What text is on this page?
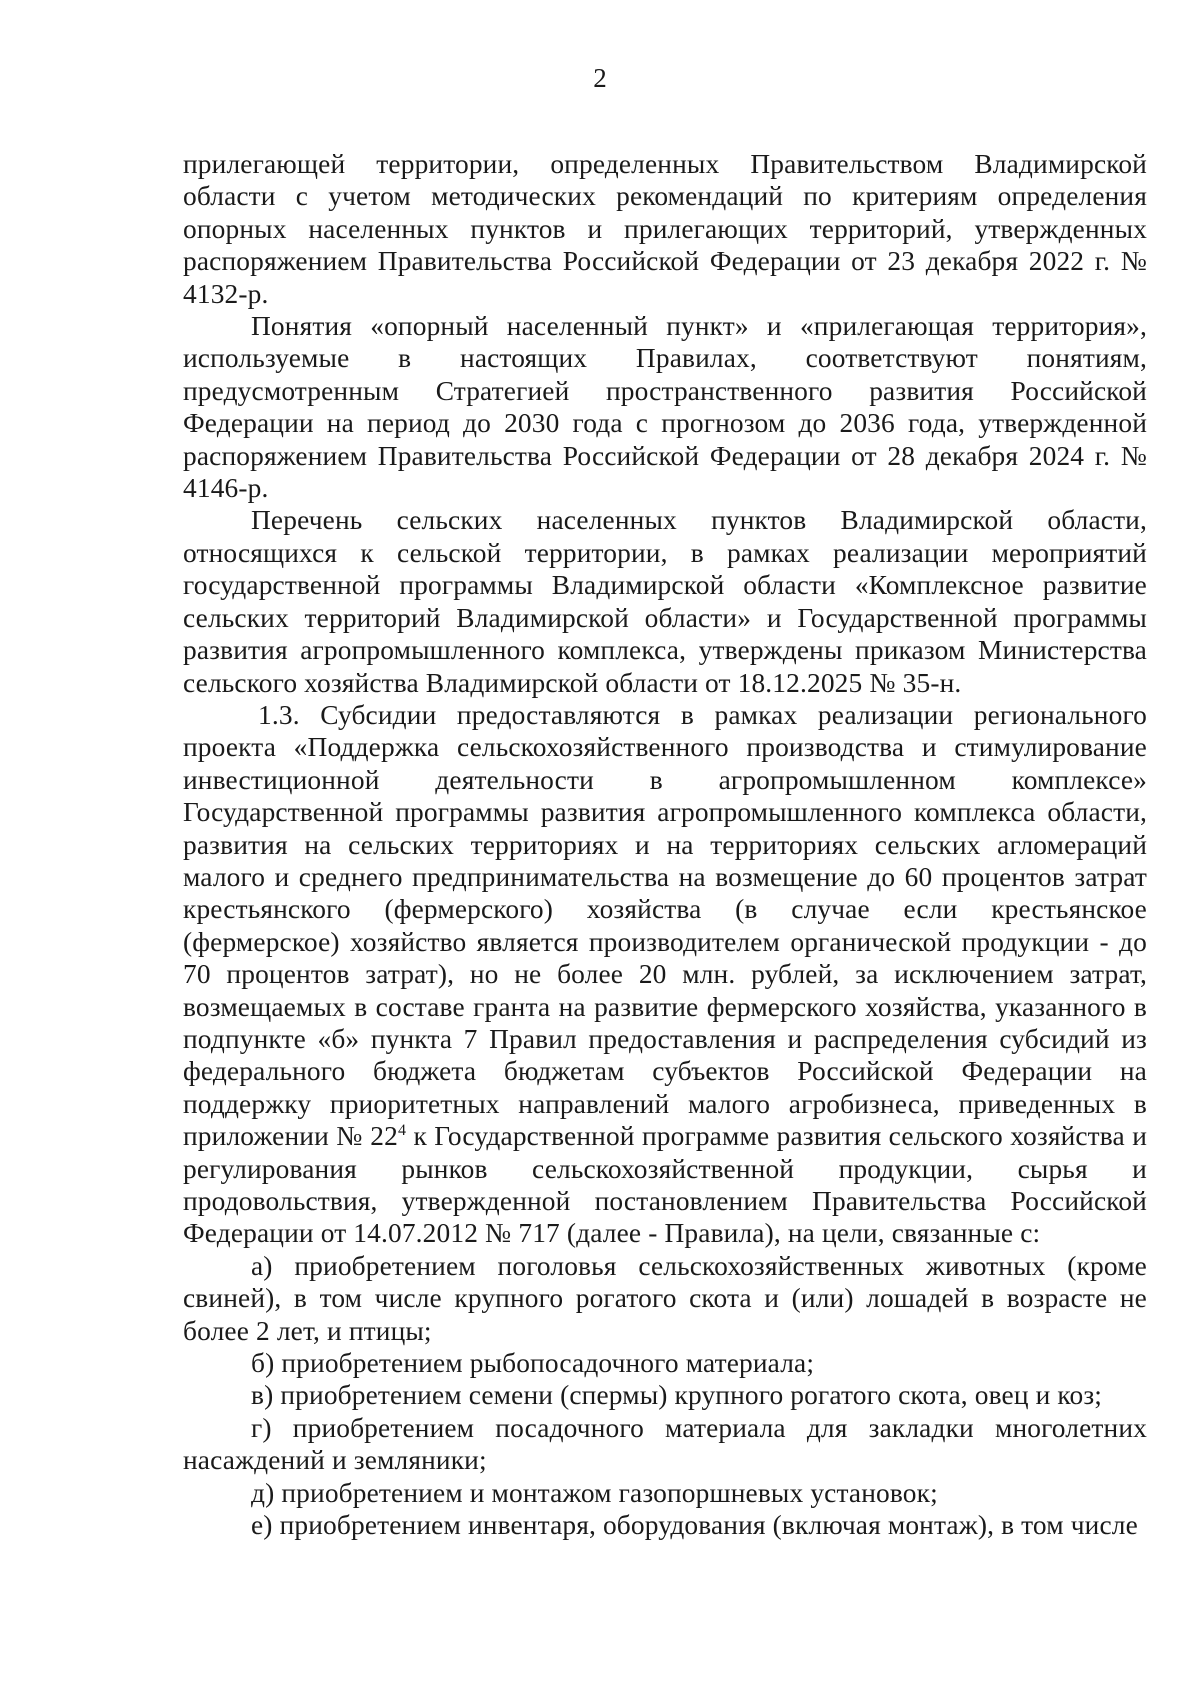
2

прилегающей территории, определенных Правительством Владимирской области с учетом методических рекомендаций по критериям определения опорных населенных пунктов и прилегающих территорий, утвержденных распоряжением Правительства Российской Федерации от 23 декабря 2022 г. № 4132-р.

Понятия «опорный населенный пункт» и «прилегающая территория», используемые в настоящих Правилах, соответствуют понятиям, предусмотренным Стратегией пространственного развития Российской Федерации на период до 2030 года с прогнозом до 2036 года, утвержденной распоряжением Правительства Российской Федерации от 28 декабря 2024 г. № 4146-р.

Перечень сельских населенных пунктов Владимирской области, относящихся к сельской территории, в рамках реализации мероприятий государственной программы Владимирской области «Комплексное развитие сельских территорий Владимирской области» и Государственной программы развития агропромышленного комплекса, утверждены приказом Министерства сельского хозяйства Владимирской области от 18.12.2025 № 35-н.

1.3. Субсидии предоставляются в рамках реализации регионального проекта «Поддержка сельскохозяйственного производства и стимулирование инвестиционной деятельности в агропромышленном комплексе» Государственной программы развития агропромышленного комплекса области, развития на сельских территориях и на территориях сельских агломераций малого и среднего предпринимательства на возмещение до 60 процентов затрат крестьянского (фермерского) хозяйства (в случае если крестьянское (фермерское) хозяйство является производителем органической продукции - до 70 процентов затрат), но не более 20 млн. рублей, за исключением затрат, возмещаемых в составе гранта на развитие фермерского хозяйства, указанного в подпункте «б» пункта 7 Правил предоставления и распределения субсидий из федерального бюджета бюджетам субъектов Российской Федерации на поддержку приоритетных направлений малого агробизнеса, приведенных в приложении № $22^4$ к Государственной программе развития сельского хозяйства и регулирования рынков сельскохозяйственной продукции, сырья и продовольствия, утвержденной постановлением Правительства Российской Федерации от 14.07.2012 № 717 (далее - Правила), на цели, связанные с:

а) приобретением поголовья сельскохозяйственных животных (кроме свиней), в том числе крупного рогатого скота и (или) лошадей в возрасте не более 2 лет, и птицы;

б) приобретением рыбопосадочного материала;

в) приобретением семени (спермы) крупного рогатого скота, овец и коз;

г) приобретением посадочного материала для закладки многолетних насаждений и земляники;

д) приобретением и монтажом газопоршневых установок;

е) приобретением инвентаря, оборудования (включая монтаж), в том числе
